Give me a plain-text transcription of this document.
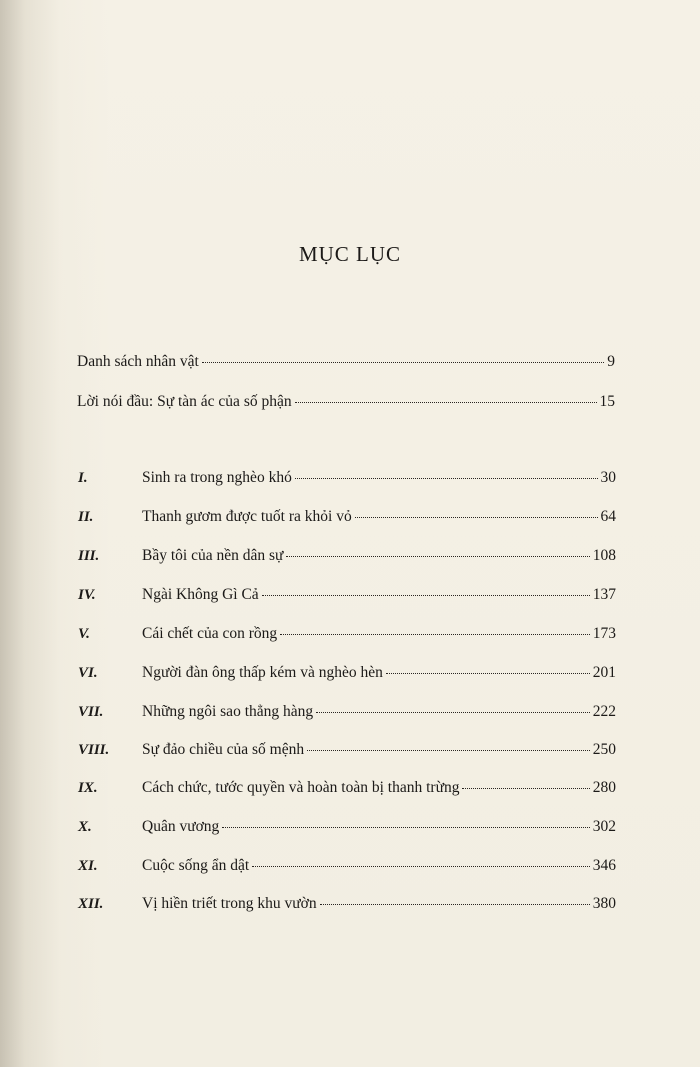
MỤC LỤC
Danh sách nhân vật	9
Lời nói đầu: Sự tàn ác của số phận	15
I.	Sinh ra trong nghèo khó	30
II.	Thanh gươm được tuốt ra khỏi vỏ	64
III.	Bầy tôi của nền dân sự	108
IV.	Ngài Không Gì Cả	137
V.	Cái chết của con rồng	173
VI.	Người đàn ông thấp kém và nghèo hèn	201
VII.	Những ngôi sao thẳng hàng	222
VIII.	Sự đảo chiều của số mệnh	250
IX.	Cách chức, tước quyền và hoàn toàn bị thanh trừng	280
X.	Quân vương	302
XI.	Cuộc sống ẩn dật	346
XII.	Vị hiền triết trong khu vườn	380
